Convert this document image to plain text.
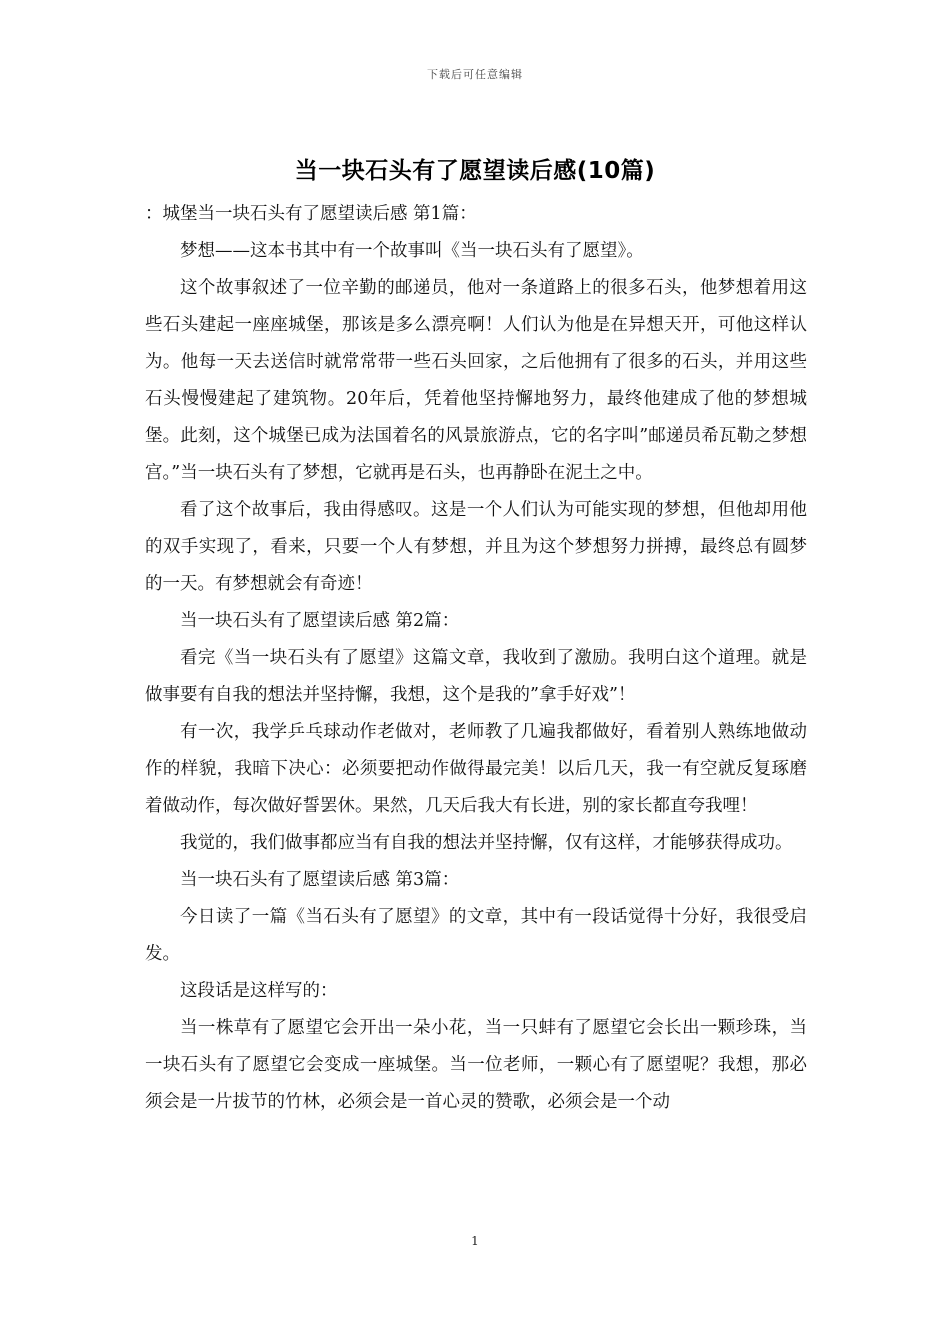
下载后可任意编辑
当一块石头有了愿望读后感(10篇)

：城堡当一块石头有了愿望读后感 第1篇：

梦想——这本书其中有一个故事叫《当一块石头有了愿望》。

这个故事叙述了一位辛勤的邮递员，他对一条道路上的很多石头，他梦想着用这些石头建起一座座城堡，那该是多么漂亮啊！人们认为他是在异想天开，可他这样认为。他每一天去送信时就常常带一些石头回家，之后他拥有了很多的石头，并用这些石头慢慢建起了建筑物。20年后，凭着他坚持懈地努力，最终他建成了他的梦想城堡。此刻，这个城堡已成为法国着名的风景旅游点，它的名字叫”邮递员希瓦勒之梦想宫。”当一块石头有了梦想，它就再是石头，也再静卧在泥土之中。

看了这个故事后，我由得感叹。这是一个人们认为可能实现的梦想，但他却用他的双手实现了，看来，只要一个人有梦想，并且为这个梦想努力拼搏，最终总有圆梦的一天。有梦想就会有奇迹！

当一块石头有了愿望读后感 第2篇：

看完《当一块石头有了愿望》这篇文章，我收到了激励。我明白这个道理。就是做事要有自我的想法并坚持懈，我想，这个是我的”拿手好戏”！

有一次，我学乒乓球动作老做对，老师教了几遍我都做好，看着别人熟练地做动作的样貌，我暗下决心：必须要把动作做得最完美！以后几天，我一有空就反复琢磨着做动作，每次做好誓罢休。果然，几天后我大有长进，别的家长都直夸我哩！

我觉的，我们做事都应当有自我的想法并坚持懈，仅有这样，才能够获得成功。

当一块石头有了愿望读后感 第3篇：

今日读了一篇《当石头有了愿望》的文章，其中有一段话觉得十分好，我很受启发。

这段话是这样写的：

当一株草有了愿望它会开出一朵小花，当一只蚌有了愿望它会长出一颗珍珠，当一块石头有了愿望它会变成一座城堡。当一位老师，一颗心有了愿望呢？我想，那必须会是一片拔节的竹林，必须会是一首心灵的赞歌，必须会是一个动

1
